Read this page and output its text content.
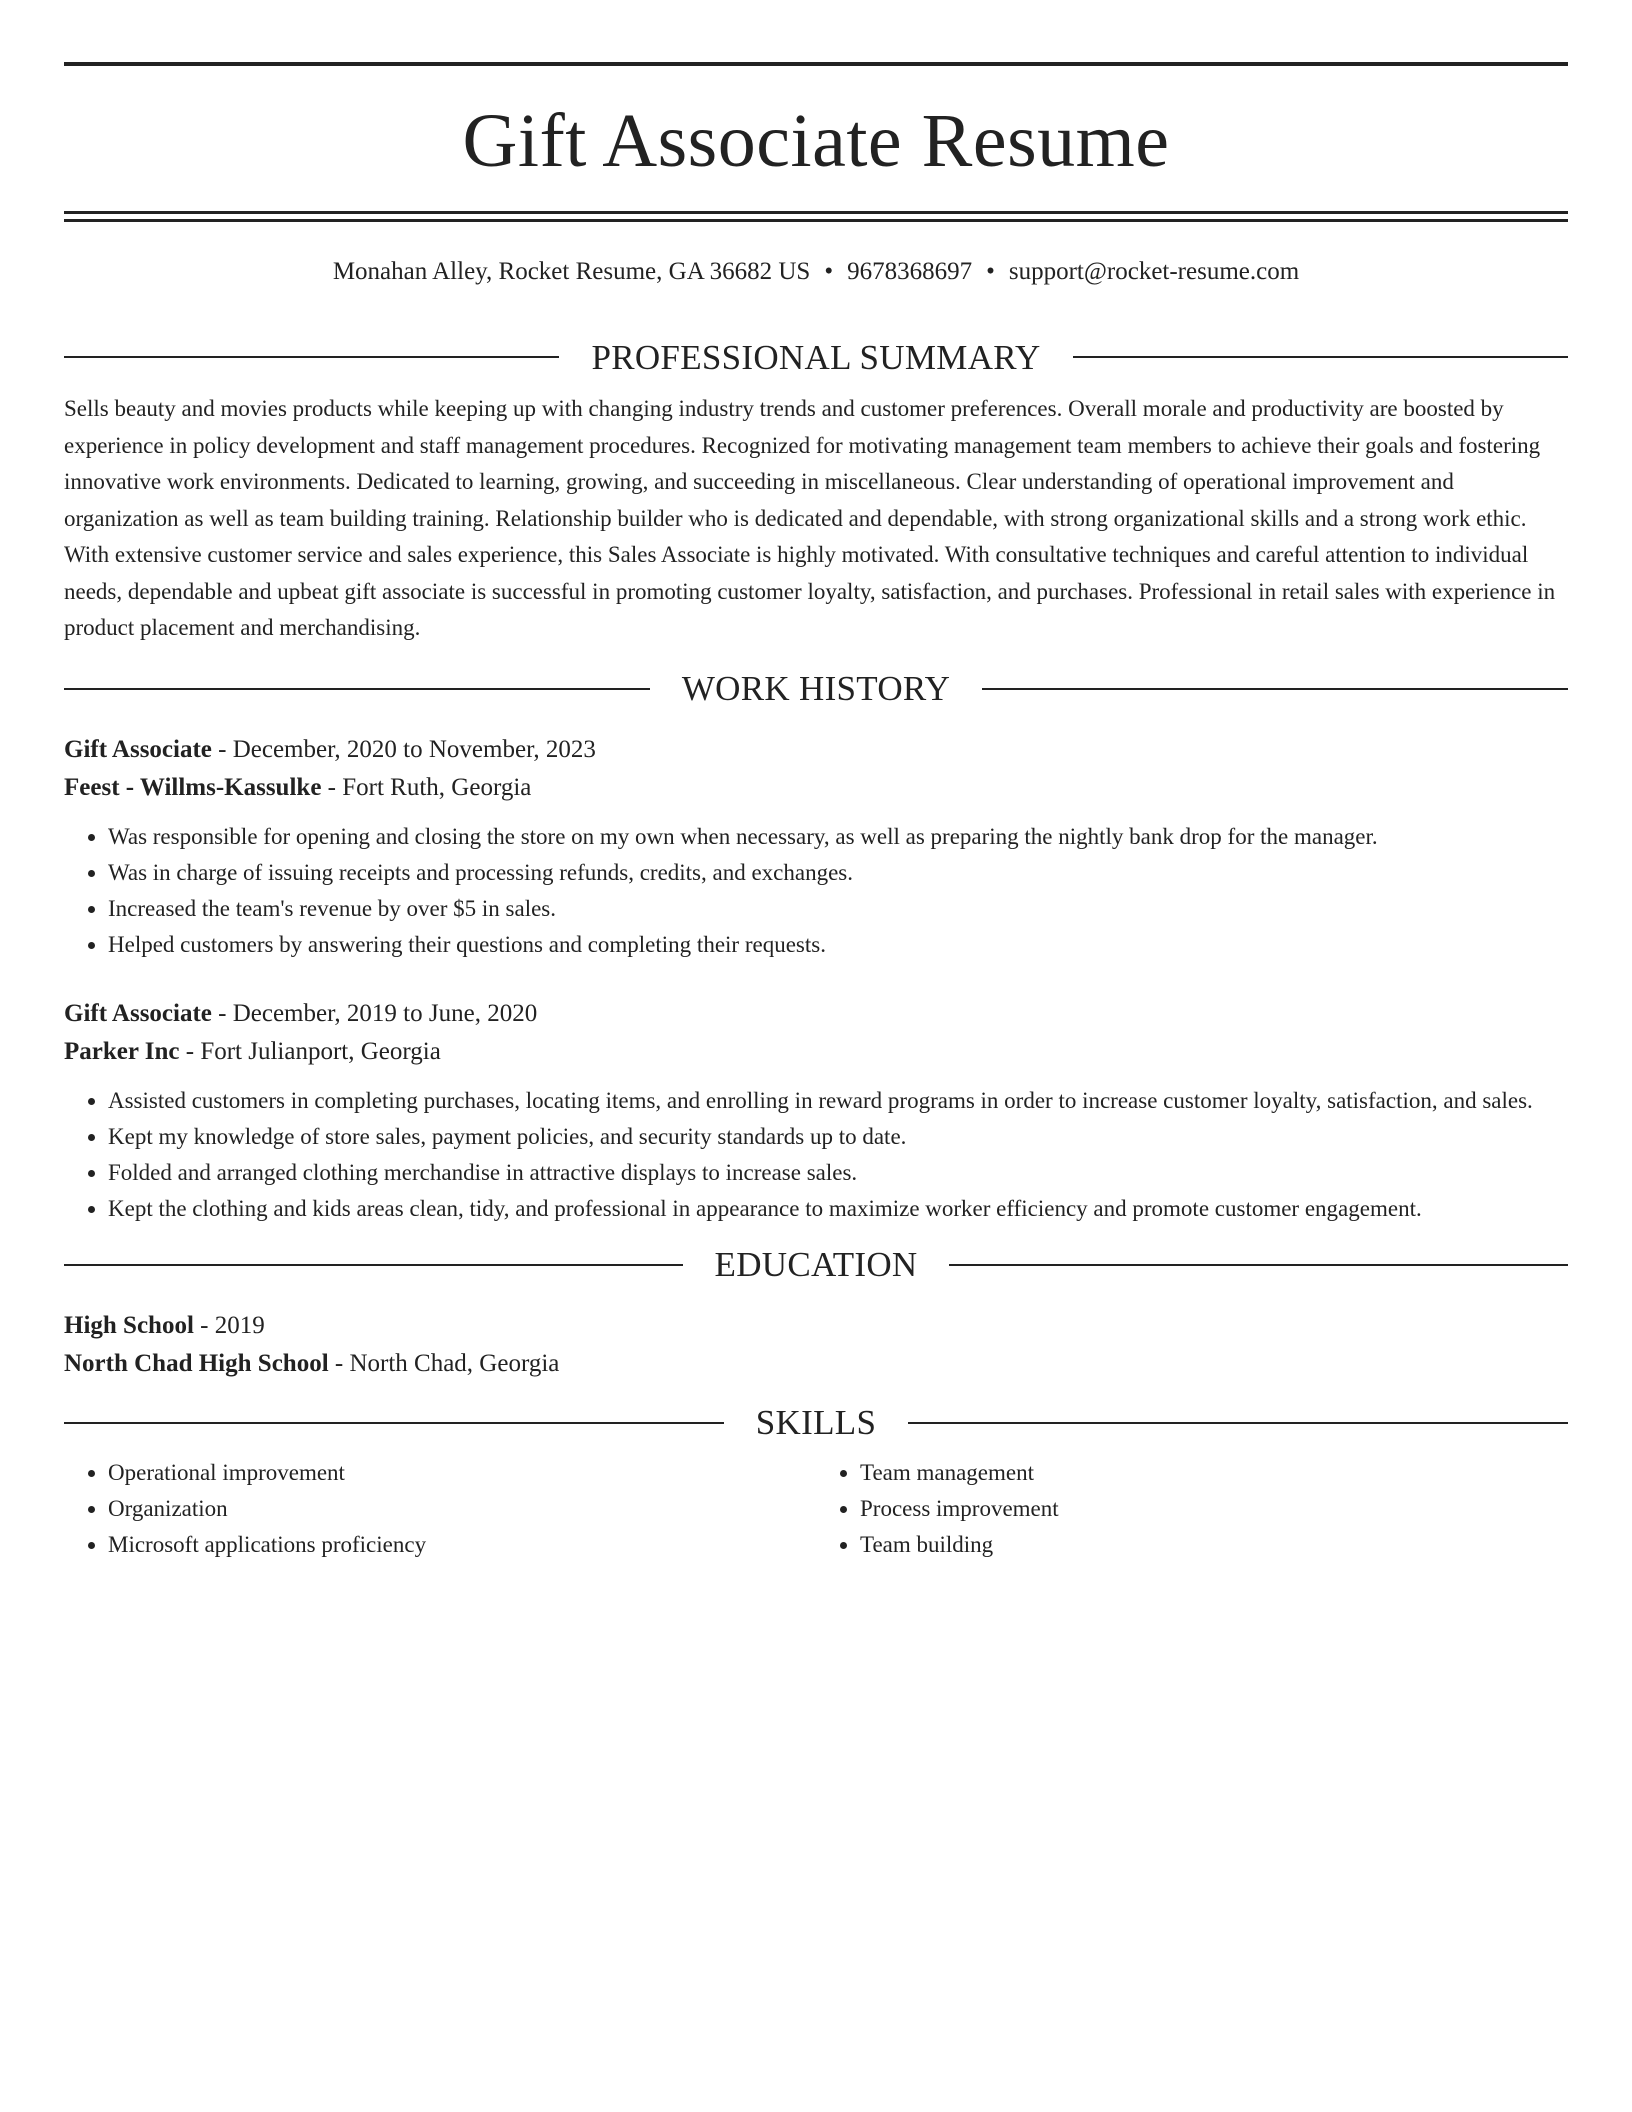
Gift Associate Resume
Monahan Alley, Rocket Resume, GA 36682 US • 9678368697 • support@rocket-resume.com
PROFESSIONAL SUMMARY

Sells beauty and movies products while keeping up with changing industry trends and customer preferences. Overall morale and productivity are boosted by experience in policy development and staff management procedures. Recognized for motivating management team members to achieve their goals and fostering innovative work environments. Dedicated to learning, growing, and succeeding in miscellaneous. Clear understanding of operational improvement and organization as well as team building training. Relationship builder who is dedicated and dependable, with strong organizational skills and a strong work ethic. With extensive customer service and sales experience, this Sales Associate is highly motivated. With consultative techniques and careful attention to individual needs, dependable and upbeat gift associate is successful in promoting customer loyalty, satisfaction, and purchases. Professional in retail sales with experience in product placement and merchandising.

WORK HISTORY
Gift Associate - December, 2020 to November, 2023
Feest - Willms-Kassulke - Fort Ruth, Georgia
• Was responsible for opening and closing the store on my own when necessary, as well as preparing the nightly bank drop for the manager.
• Was in charge of issuing receipts and processing refunds, credits, and exchanges.
• Increased the team's revenue by over $5 in sales.
• Helped customers by answering their questions and completing their requests.
Gift Associate - December, 2019 to June, 2020
Parker Inc - Fort Julianport, Georgia
• Assisted customers in completing purchases, locating items, and enrolling in reward programs in order to increase customer loyalty, satisfaction, and sales.
• Kept my knowledge of store sales, payment policies, and security standards up to date.
• Folded and arranged clothing merchandise in attractive displays to increase sales.
• Kept the clothing and kids areas clean, tidy, and professional in appearance to maximize worker efficiency and promote customer engagement.
EDUCATION
High School - 2019
North Chad High School - North Chad, Georgia
SKILLS
• Operational improvement
• Organization
• Microsoft applications proficiency
• Team management
• Process improvement
• Team building
